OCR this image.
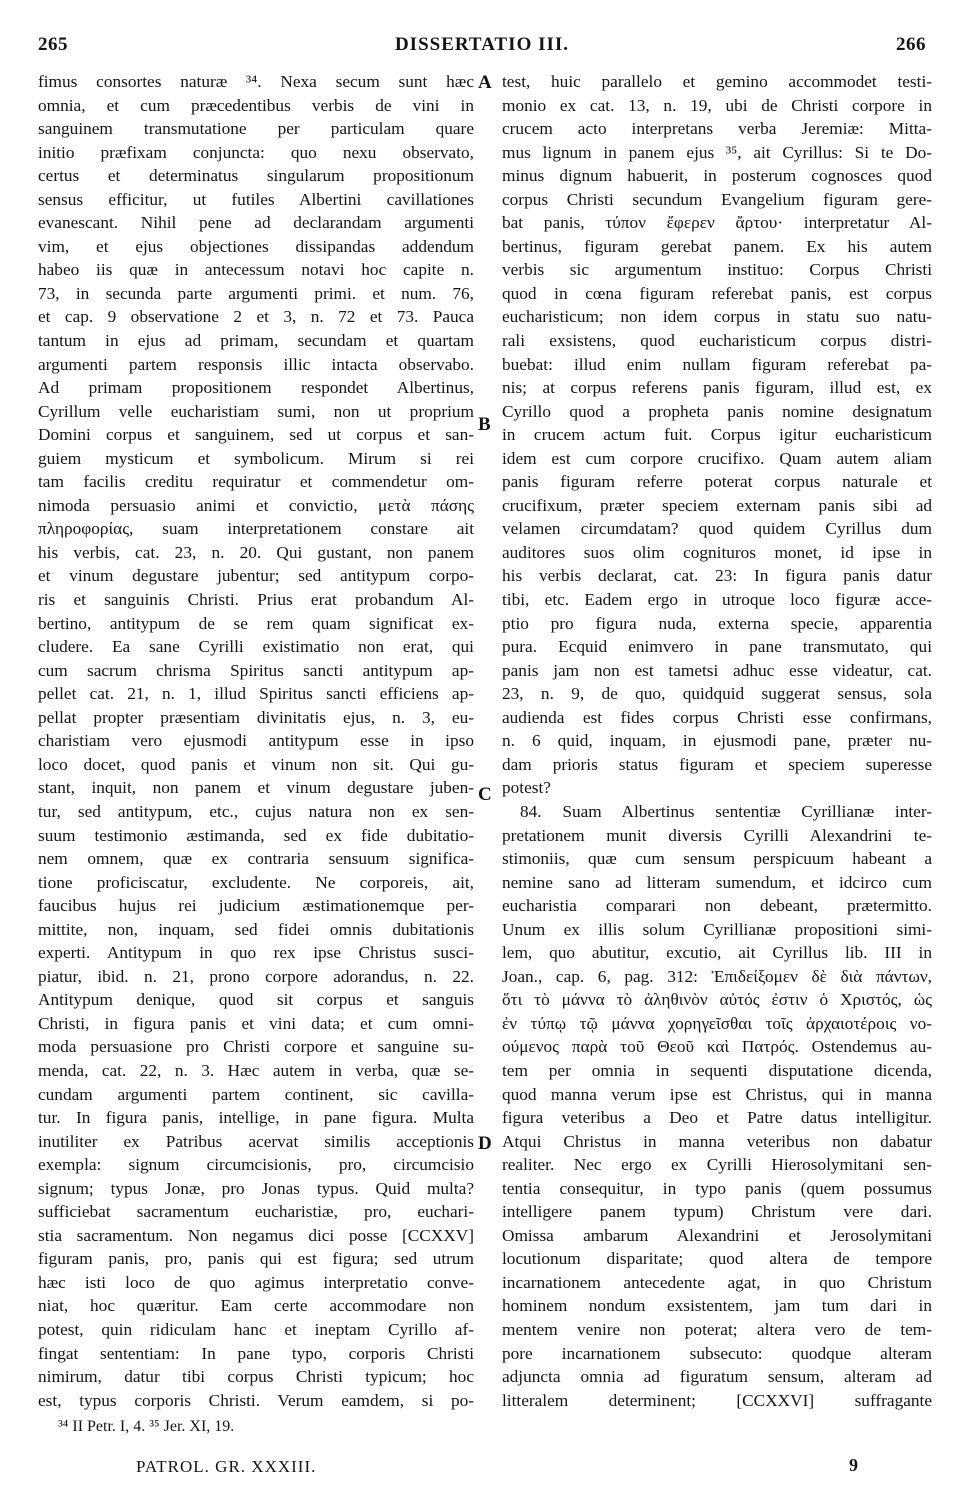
265	DISSERTATIO III.	266
fimus consortes naturæ ³⁴. Nexa secum sunt hæc
omnia, et cum præcedentibus verbis de vini in
sanguinem transmutatione per particulam quare
initio præfixam conjuncta: quo nexu observato,
certus et determinatus singularum propositionum
sensus efficitur, ut futiles Albertini cavillationes
evanescant. Nihil pene ad declarandam argumenti
vim, et ejus objectiones dissipandas addendum
habeo iis quæ in antecessum notavi hoc capite n.
73, in secunda parte argumenti primi. et num. 76,
et cap. 9 observatione 2 et 3, n. 72 et 73. Pauca
tantum in ejus ad primam, secundam et quartam
argumenti partem responsis illic intacta observabo.
Ad primam propositionem respondet Albertinus,
Cyrillum velle eucharistiam sumi, non ut proprium
Domini corpus et sanguinem, sed ut corpus et san-
guiem mysticum et symbolicum. Mirum si rei
tam facilis creditu requiratur et commendetur om-
nimoda persuasio animi et convictio, μετὰ πάσης
πληροφορίας, suam interpretationem constare ait
his verbis, cat. 23, n. 20. Qui gustant, non panem
et vinum degustare jubentur; sed antitypum corpo-
ris et sanguinis Christi. Prius erat probandum Al-
bertino, antitypum de se rem quam significat ex-
cludere. Ea sane Cyrilli existimatio non erat, qui
cum sacrum chrisma Spiritus sancti antitypum ap-
pellet cat. 21, n. 1, illud Spiritus sancti efficiens ap-
pellat propter præsentiam divinitatis ejus, n. 3, eu-
charistiam vero ejusmodi antitypum esse in ipso
loco docet, quod panis et vinum non sit. Qui gu-
stant, inquit, non panem et vinum degustare juben-
tur, sed antitypum, etc., cujus natura non ex sen-
suum testimonio æstimanda, sed ex fide dubitatio-
nem omnem, quæ ex contraria sensuum significa-
tione proficiscatur, excludente. Ne corporeis, ait,
faucibus hujus rei judicium æstimationemque per-
mittite, non, inquam, sed fidei omnis dubitationis
experti. Antitypum in quo rex ipse Christus susci-
piatur, ibid. n. 21, prono corpore adorandus, n. 22.
Antitypum denique, quod sit corpus et sanguis
Christi, in figura panis et vini data; et cum omni-
moda persuasione pro Christi corpore et sanguine su-
menda, cat. 22, n. 3. Hæc autem in verba, quæ se-
cundam argumenti partem continent, sic cavilla-
tur. In figura panis, intellige, in pane figura. Multa
inutiliter ex Patribus acervat similis acceptionis
exempla: signum circumcisionis, pro, circumcisio
signum; typus Jonæ, pro Jonas typus. Quid multa?
sufficiebat sacramentum eucharistiæ, pro, euchari-
stia sacramentum. Non negamus dici posse [CCXXV]
figuram panis, pro, panis qui est figura; sed utrum
hæc isti loco de quo agimus interpretatio conve-
niat, hoc quæritur. Eam certe accommodare non
potest, quin ridiculam hanc et ineptam Cyrillo af-
fingat sententiam: In pane typo, corporis Christi
nimirum, datur tibi corpus Christi typicum; hoc
est, typus corporis Christi. Verum eamdem, si po-
test, huic parallelo et gemino accommodet testi-
monio ex cat. 13, n. 19, ubi de Christi corpore in
crucem acto interpretans verba Jeremiæ: Mitta-
mus lignum in panem ejus ³⁵, ait Cyrillus: Si te Do-
minus dignum habuerit, in posterum cognosces quod
corpus Christi secundum Evangelium figuram gere-
bat panis, τύπον ἔφερεν ἄρτου· interpretatur Al-
bertinus, figuram gerebat panem. Ex his autem
verbis sic argumentum instituo: Corpus Christi
quod in cœna figuram referebat panis, est corpus
eucharisticum; non idem corpus in statu suo natu-
rali exsistens, quod eucharisticum corpus distri-
buebat: illud enim nullam figuram referebat pa-
nis; at corpus referens panis figuram, illud est, ex
Cyrillo quod a propheta panis nomine designatum
in crucem actum fuit. Corpus igitur eucharisticum
idem est cum corpore crucifixo. Quam autem aliam
panis figuram referre poterat corpus naturale et
crucifixum, præter speciem externam panis sibi ad
velamen circumdatam? quod quidem Cyrillus dum
auditores suos olim cognituros monet, id ipse in
his verbis declarat, cat. 23: In figura panis datur
tibi, etc. Eadem ergo in utroque loco figuræ acce-
ptio pro figura nuda, externa specie, apparentia
pura. Ecquid enimvero in pane transmutato, qui
panis jam non est tametsi adhuc esse videatur, cat.
23, n. 9, de quo, quidquid suggerat sensus, sola
audienda est fides corpus Christi esse confirmans,
n. 6 quid, inquam, in ejusmodi pane, præter nu-
dam prioris status figuram et speciem superesse
potest?
84. Suam Albertinus sententiæ Cyrillianæ inter-
pretationem munit diversis Cyrilli Alexandrini te-
stimoniis, quæ cum sensum perspicuum habeant a
nemine sano ad litteram sumendum, et idcirco cum
eucharistia comparari non debeant, prætermitto.
Unum ex illis solum Cyrillianæ propositioni simi-
lem, quo abutitur, excutio, ait Cyrillus lib. III in
Joan., cap. 6, pag. 312: Ἐπιδείξομεν δὲ διὰ πάντων,
ὅτι τὸ μάννα τὸ ἀληθινὸν αὐτός ἐστιν ὁ Χριστός, ὡς
ἐν τύπῳ τῷ μάννα χορηγεῖσθαι τοῖς ἀρχαιοτέροις νο-
ούμενος παρὰ τοῦ Θεοῦ καὶ Πατρός. Ostendemus au-
tem per omnia in sequenti disputatione dicenda,
quod manna verum ipse est Christus, qui in manna
figura veteribus a Deo et Patre datus intelligitur.
Atqui Christus in manna veteribus non dabatur
realiter. Nec ergo ex Cyrilli Hierosolymitani sen-
tentia consequitur, in typo panis (quem possumus
intelligere panem typum) Christum vere dari.
Omissa ambarum Alexandrini et Jerosolymitani
locutionum disparitate; quod altera de tempore
incarnationem antecedente agat, in quo Christum
hominem nondum exsistentem, jam tum dari in
mentem venire non poterat; altera vero de tem-
pore incarnationem subsecuto: quodque alteram
adjuncta omnia ad figuratum sensum, alteram ad
litteralem determinent; [CCXXVI] suffragante
A
B
C
D
³⁴ II Petr. I, 4. ³⁵ Jer. XI, 19.
PATROL. GR. XXXIII.	9
